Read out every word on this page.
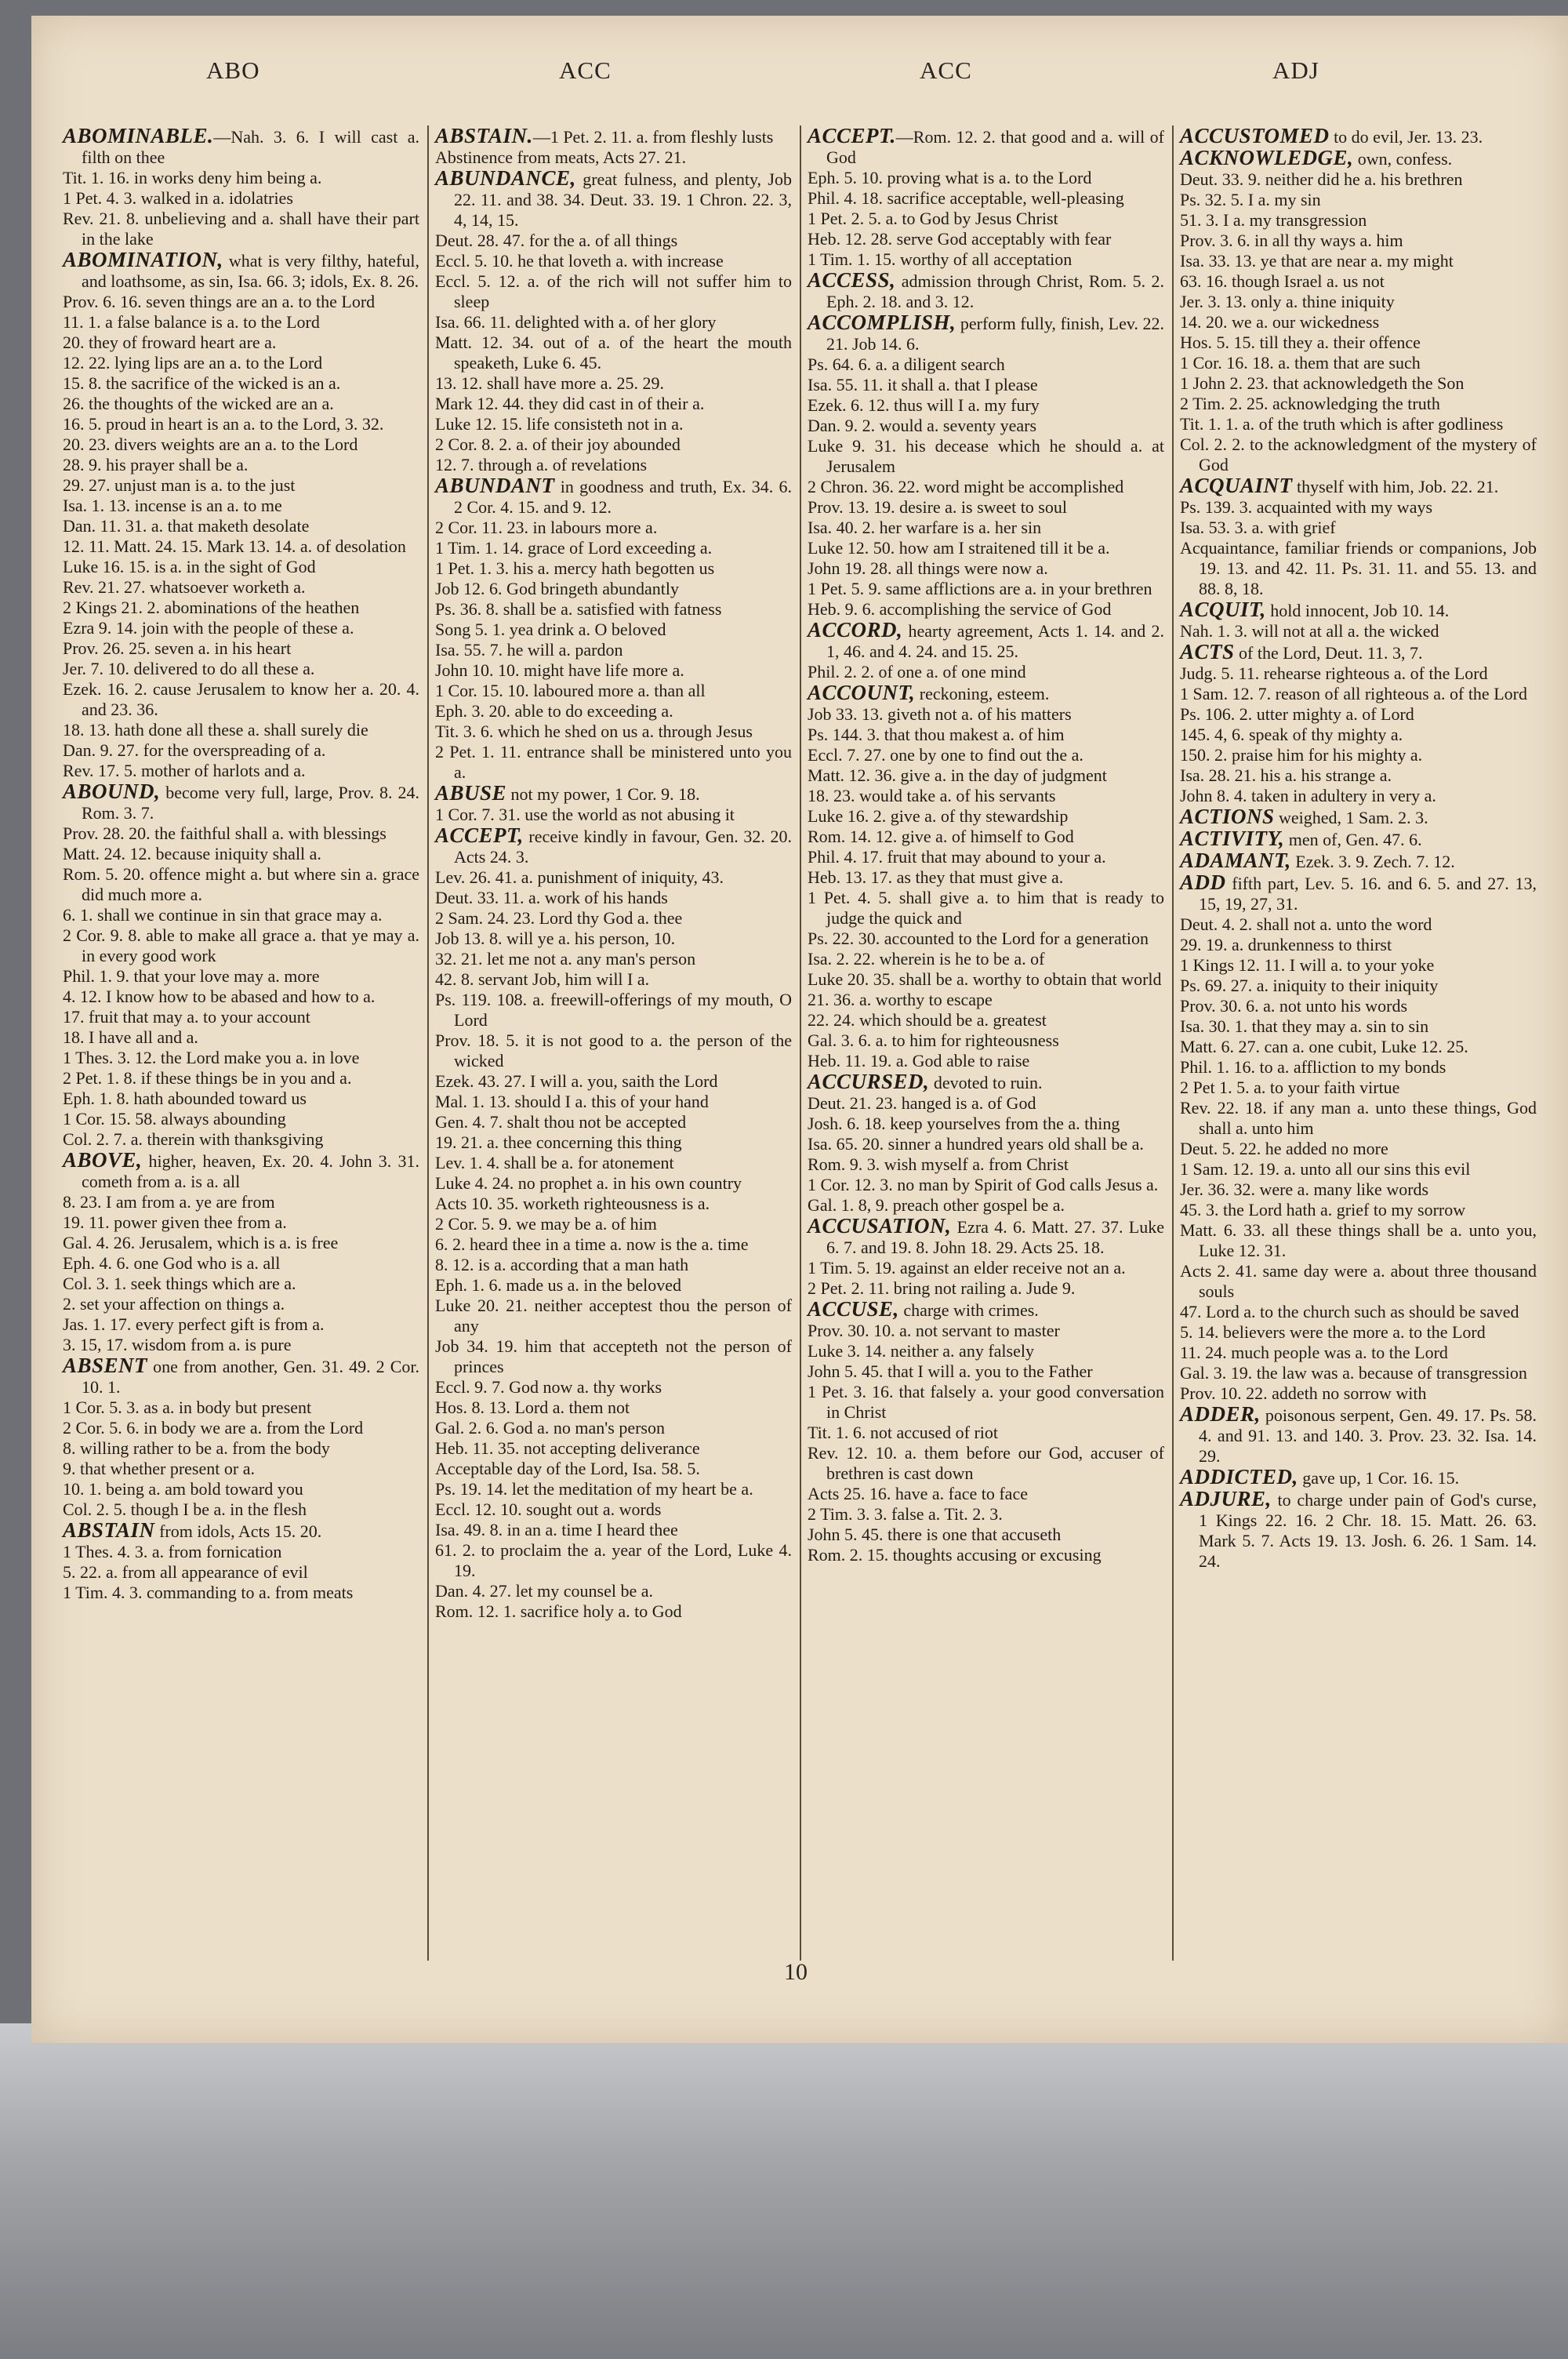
ABO	ACC	ACC	ADJ

ABOMINABLE.—Nah. 3. 6. I will cast a. filth on thee

Tit. 1. 16. in works deny him being a.

1 Pet. 4. 3. walked in a. idolatries

Rev. 21. 8. unbelieving and a. shall have their part in the lake

ABOMINATION, what is very filthy, hateful, and loathsome, as sin, Isa. 66. 3; idols, Ex. 8. 26.

Prov. 6. 16. seven things are an a. to the Lord

11. 1. a false balance is a. to the Lord

20. they of froward heart are a.

12. 22. lying lips are an a. to the Lord

15. 8. the sacrifice of the wicked is an a.

26. the thoughts of the wicked are an a.

16. 5. proud in heart is an a. to the Lord, 3. 32.

20. 23. divers weights are an a. to the Lord

28. 9. his prayer shall be a.

29. 27. unjust man is a. to the just

Isa. 1. 13. incense is an a. to me

Dan. 11. 31. a. that maketh desolate

12. 11. Matt. 24. 15. Mark 13. 14. a. of desolation

Luke 16. 15. is a. in the sight of God

Rev. 21. 27. whatsoever worketh a.

2 Kings 21. 2. abominations of the heathen

Ezra 9. 14. join with the people of these a.

Prov. 26. 25. seven a. in his heart

Jer. 7. 10. delivered to do all these a.

Ezek. 16. 2. cause Jerusalem to know her a. 20. 4. and 23. 36.

18. 13. hath done all these a. shall surely die

Dan. 9. 27. for the overspreading of a.

Rev. 17. 5. mother of harlots and a.

ABOUND, become very full, large, Prov. 8. 24. Rom. 3. 7.

Prov. 28. 20. the faithful shall a. with blessings

Matt. 24. 12. because iniquity shall a.

Rom. 5. 20. offence might a. but where sin a. grace did much more a.

6. 1. shall we continue in sin that grace may a.

2 Cor. 9. 8. able to make all grace a. that ye may a. in every good work

Phil. 1. 9. that your love may a. more

4. 12. I know how to be abased and how to a.

17. fruit that may a. to your account

18. I have all and a.

1 Thes. 3. 12. the Lord make you a. in love

2 Pet. 1. 8. if these things be in you and a.

Eph. 1. 8. hath abounded toward us

1 Cor. 15. 58. always abounding

Col. 2. 7. a. therein with thanksgiving

ABOVE, higher, heaven, Ex. 20. 4. John 3. 31. cometh from a. is a. all

8. 23. I am from a. ye are from

19. 11. power given thee from a.

Gal. 4. 26. Jerusalem, which is a. is free

Eph. 4. 6. one God who is a. all

Col. 3. 1. seek things which are a.

2. set your affection on things a.

Jas. 1. 17. every perfect gift is from a.

3. 15, 17. wisdom from a. is pure

ABSENT one from another, Gen. 31. 49. 2 Cor. 10. 1.

1 Cor. 5. 3. as a. in body but present

2 Cor. 5. 6. in body we are a. from the Lord

8. willing rather to be a. from the body

9. that whether present or a.

10. 1. being a. am bold toward you

Col. 2. 5. though I be a. in the flesh

ABSTAIN from idols, Acts 15. 20.

1 Thes. 4. 3. a. from fornication

5. 22. a. from all appearance of evil

1 Tim. 4. 3. commanding to a. from meats

ABSTAIN.—1 Pet. 2. 11. a. from fleshly lusts

Abstinence from meats, Acts 27. 21.

ABUNDANCE, great fulness, and plenty, Job 22. 11. and 38. 34. Deut. 33. 19. 1 Chron. 22. 3, 4, 14, 15.

Deut. 28. 47. for the a. of all things

Eccl. 5. 10. he that loveth a. with increase

Eccl. 5. 12. a. of the rich will not suffer him to sleep

Isa. 66. 11. delighted with a. of her glory

Matt. 12. 34. out of a. of the heart the mouth speaketh, Luke 6. 45.

13. 12. shall have more a. 25. 29.

Mark 12. 44. they did cast in of their a.

Luke 12. 15. life consisteth not in a.

2 Cor. 8. 2. a. of their joy abounded

12. 7. through a. of revelations

ABUNDANT in goodness and truth, Ex. 34. 6. 2 Cor. 4. 15. and 9. 12.

2 Cor. 11. 23. in labours more a.

1 Tim. 1. 14. grace of Lord exceeding a.

1 Pet. 1. 3. his a. mercy hath begotten us

Job 12. 6. God bringeth abundantly

Ps. 36. 8. shall be a. satisfied with fatness

Song 5. 1. yea drink a. O beloved

Isa. 55. 7. he will a. pardon

John 10. 10. might have life more a.

1 Cor. 15. 10. laboured more a. than all

Eph. 3. 20. able to do exceeding a.

Tit. 3. 6. which he shed on us a. through Jesus

2 Pet. 1. 11. entrance shall be ministered unto you a.

ABUSE not my power, 1 Cor. 9. 18.

1 Cor. 7. 31. use the world as not abusing it

ACCEPT, receive kindly in favour, Gen. 32. 20. Acts 24. 3.

Lev. 26. 41. a. punishment of iniquity, 43.

Deut. 33. 11. a. work of his hands

2 Sam. 24. 23. Lord thy God a. thee

Job 13. 8. will ye a. his person, 10.

32. 21. let me not a. any man's person

42. 8. servant Job, him will I a.

Ps. 119. 108. a. freewill-offerings of my mouth, O Lord

Prov. 18. 5. it is not good to a. the person of the wicked

Ezek. 43. 27. I will a. you, saith the Lord

Mal. 1. 13. should I a. this of your hand

Gen. 4. 7. shalt thou not be accepted

19. 21. a. thee concerning this thing

Lev. 1. 4. shall be a. for atonement

Luke 4. 24. no prophet a. in his own country

Acts 10. 35. worketh righteousness is a.

2 Cor. 5. 9. we may be a. of him

6. 2. heard thee in a time a. now is the a. time

8. 12. is a. according that a man hath

Eph. 1. 6. made us a. in the beloved

Luke 20. 21. neither acceptest thou the person of any

Job 34. 19. him that accepteth not the person of princes

Eccl. 9. 7. God now a. thy works

Hos. 8. 13. Lord a. them not

Gal. 2. 6. God a. no man's person

Heb. 11. 35. not accepting deliverance

Acceptable day of the Lord, Isa. 58. 5.

Ps. 19. 14. let the meditation of my heart be a.

Eccl. 12. 10. sought out a. words

Isa. 49. 8. in an a. time I heard thee

61. 2. to proclaim the a. year of the Lord, Luke 4. 19.

Dan. 4. 27. let my counsel be a.

Rom. 12. 1. sacrifice holy a. to God

ACCEPT.—Rom. 12. 2. that good and a. will of God

Eph. 5. 10. proving what is a. to the Lord

Phil. 4. 18. sacrifice acceptable, well-pleasing

1 Pet. 2. 5. a. to God by Jesus Christ

Heb. 12. 28. serve God acceptably with fear

1 Tim. 1. 15. worthy of all acceptation

ACCESS, admission through Christ, Rom. 5. 2. Eph. 2. 18. and 3. 12.

ACCOMPLISH, perform fully, finish, Lev. 22. 21. Job 14. 6.

Ps. 64. 6. a. a diligent search

Isa. 55. 11. it shall a. that I please

Ezek. 6. 12. thus will I a. my fury

Dan. 9. 2. would a. seventy years

Luke 9. 31. his decease which he should a. at Jerusalem

2 Chron. 36. 22. word might be accomplished

Prov. 13. 19. desire a. is sweet to soul

Isa. 40. 2. her warfare is a. her sin

Luke 12. 50. how am I straitened till it be a.

John 19. 28. all things were now a.

1 Pet. 5. 9. same afflictions are a. in your brethren

Heb. 9. 6. accomplishing the service of God

ACCORD, hearty agreement, Acts 1. 14. and 2. 1, 46. and 4. 24. and 15. 25.

Phil. 2. 2. of one a. of one mind

ACCOUNT, reckoning, esteem.

Job 33. 13. giveth not a. of his matters

Ps. 144. 3. that thou makest a. of him

Eccl. 7. 27. one by one to find out the a.

Matt. 12. 36. give a. in the day of judgment

18. 23. would take a. of his servants

Luke 16. 2. give a. of thy stewardship

Rom. 14. 12. give a. of himself to God

Phil. 4. 17. fruit that may abound to your a.

Heb. 13. 17. as they that must give a.

1 Pet. 4. 5. shall give a. to him that is ready to judge the quick and

Ps. 22. 30. accounted to the Lord for a generation

Isa. 2. 22. wherein is he to be a. of

Luke 20. 35. shall be a. worthy to obtain that world

21. 36. a. worthy to escape

22. 24. which should be a. greatest

Gal. 3. 6. a. to him for righteousness

Heb. 11. 19. a. God able to raise

ACCURSED, devoted to ruin.

Deut. 21. 23. hanged is a. of God

Josh. 6. 18. keep yourselves from the a. thing

Isa. 65. 20. sinner a hundred years old shall be a.

Rom. 9. 3. wish myself a. from Christ

1 Cor. 12. 3. no man by Spirit of God calls Jesus a.

Gal. 1. 8, 9. preach other gospel be a.

ACCUSATION, Ezra 4. 6. Matt. 27. 37. Luke 6. 7. and 19. 8. John 18. 29. Acts 25. 18.

1 Tim. 5. 19. against an elder receive not an a.

2 Pet. 2. 11. bring not railing a. Jude 9.

ACCUSE, charge with crimes.

Prov. 30. 10. a. not servant to master

Luke 3. 14. neither a. any falsely

John 5. 45. that I will a. you to the Father

1 Pet. 3. 16. that falsely a. your good conversation in Christ

Tit. 1. 6. not accused of riot

Rev. 12. 10. a. them before our God, accuser of brethren is cast down

Acts 25. 16. have a. face to face

2 Tim. 3. 3. false a. Tit. 2. 3.

John 5. 45. there is one that accuseth

Rom. 2. 15. thoughts accusing or excusing

ACCUSTOMED to do evil, Jer. 13. 23.

ACKNOWLEDGE, own, confess.

Deut. 33. 9. neither did he a. his brethren

Ps. 32. 5. I a. my sin

51. 3. I a. my transgression

Prov. 3. 6. in all thy ways a. him

Isa. 33. 13. ye that are near a. my might

63. 16. though Israel a. us not

Jer. 3. 13. only a. thine iniquity

14. 20. we a. our wickedness

Hos. 5. 15. till they a. their offence

1 Cor. 16. 18. a. them that are such

1 John 2. 23. that acknowledgeth the Son

2 Tim. 2. 25. acknowledging the truth

Tit. 1. 1. a. of the truth which is after godliness

Col. 2. 2. to the acknowledgment of the mystery of God

ACQUAINT thyself with him, Job. 22. 21.

Ps. 139. 3. acquainted with my ways

Isa. 53. 3. a. with grief

Acquaintance, familiar friends or companions, Job 19. 13. and 42. 11. Ps. 31. 11. and 55. 13. and 88. 8, 18.

ACQUIT, hold innocent, Job 10. 14.

Nah. 1. 3. will not at all a. the wicked

ACTS of the Lord, Deut. 11. 3, 7.

Judg. 5. 11. rehearse righteous a. of the Lord

1 Sam. 12. 7. reason of all righteous a. of the Lord

Ps. 106. 2. utter mighty a. of Lord

145. 4, 6. speak of thy mighty a.

150. 2. praise him for his mighty a.

Isa. 28. 21. his a. his strange a.

John 8. 4. taken in adultery in very a.

ACTIONS weighed, 1 Sam. 2. 3.

ACTIVITY, men of, Gen. 47. 6.

ADAMANT, Ezek. 3. 9. Zech. 7. 12.

ADD fifth part, Lev. 5. 16. and 6. 5. and 27. 13, 15, 19, 27, 31.

Deut. 4. 2. shall not a. unto the word

29. 19. a. drunkenness to thirst

1 Kings 12. 11. I will a. to your yoke

Ps. 69. 27. a. iniquity to their iniquity

Prov. 30. 6. a. not unto his words

Isa. 30. 1. that they may a. sin to sin

Matt. 6. 27. can a. one cubit, Luke 12. 25.

Phil. 1. 16. to a. affliction to my bonds

2 Pet 1. 5. a. to your faith virtue

Rev. 22. 18. if any man a. unto these things, God shall a. unto him

Deut. 5. 22. he added no more

1 Sam. 12. 19. a. unto all our sins this evil

Jer. 36. 32. were a. many like words

45. 3. the Lord hath a. grief to my sorrow

Matt. 6. 33. all these things shall be a. unto you, Luke 12. 31.

Acts 2. 41. same day were a. about three thousand souls

47. Lord a. to the church such as should be saved

5. 14. believers were the more a. to the Lord

11. 24. much people was a. to the Lord

Gal. 3. 19. the law was a. because of transgression

Prov. 10. 22. addeth no sorrow with

ADDER, poisonous serpent, Gen. 49. 17. Ps. 58. 4. and 91. 13. and 140. 3. Prov. 23. 32. Isa. 14. 29.

ADDICTED, gave up, 1 Cor. 16. 15.

ADJURE, to charge under pain of God's curse, 1 Kings 22. 16. 2 Chr. 18. 15. Matt. 26. 63. Mark 5. 7. Acts 19. 13. Josh. 6. 26. 1 Sam. 14. 24.

10
